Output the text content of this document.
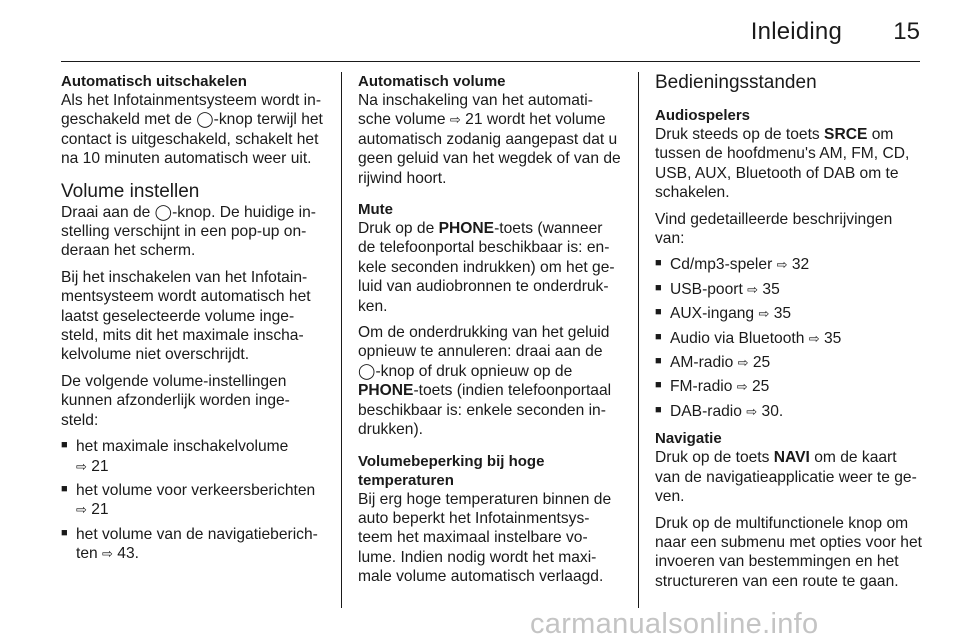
Inleiding 15
Automatisch uitschakelen

Als het Infotainmentsysteem wordt in-geschakeld met de ◯-knop terwijl het contact is uitgeschakeld, schakelt het na 10 minuten automatisch weer uit.

Volume instellen

Draai aan de ◯-knop. De huidige in-stelling verschijnt in een pop-up on-deraan het scherm.

Bij het inschakelen van het Infotain-mentsysteem wordt automatisch het laatst geselecteerde volume inge-steld, mits dit het maximale inscha-kelvolume niet overschrijdt.

De volgende volume-instellingen kunnen afzonderlijk worden inge-steld:

■ het maximale inschakelvolume
⇨ 21
■ het volume voor verkeersberichten
⇨ 21
■ het volume van de navigatieberich-ten ⇨ 43.
Automatisch volume

Na inschakeling van het automati-sche volume ⇨ 21 wordt het volume automatisch zodanig aangepast dat u geen geluid van het wegdek of van de rijwind hoort.

Mute

Druk op de PHONE-toets (wanneer de telefoonportal beschikbaar is: en-kele seconden indrukken) om het ge-luid van audiobronnen te onderdruk-ken.

Om de onderdrukking van het geluid opnieuw te annuleren: draai aan de ◯-knop of druk opnieuw op de PHONE-toets (indien telefoonportaal beschikbaar is: enkele seconden in-drukken).

Volumebeperking bij hoge temperaturen

Bij erg hoge temperaturen binnen de auto beperkt het Infotainmentsys-teem het maximaal instelbare vo-lume. Indien nodig wordt het maxi-male volume automatisch verlaagd.

Bedieningsstanden
Audiospelers

Druk steeds op de toets SRCE om tussen de hoofdmenu's AM, FM, CD, USB, AUX, Bluetooth of DAB om te schakelen.

Vind gedetailleerde beschrijvingen van:

■ Cd/mp3-speler ⇨ 32
■ USB-poort ⇨ 35
■ AUX-ingang ⇨ 35
■ Audio via Bluetooth ⇨ 35
■ AM-radio ⇨ 25
■ FM-radio ⇨ 25
■ DAB-radio ⇨ 30.
Navigatie

Druk op de toets NAVI om de kaart van de navigatieapplicatie weer te ge-ven.

Druk op de multifunctionele knop om naar een submenu met opties voor het invoeren van bestemmingen en het structureren van een route te gaan.

carmanualsonline.info
